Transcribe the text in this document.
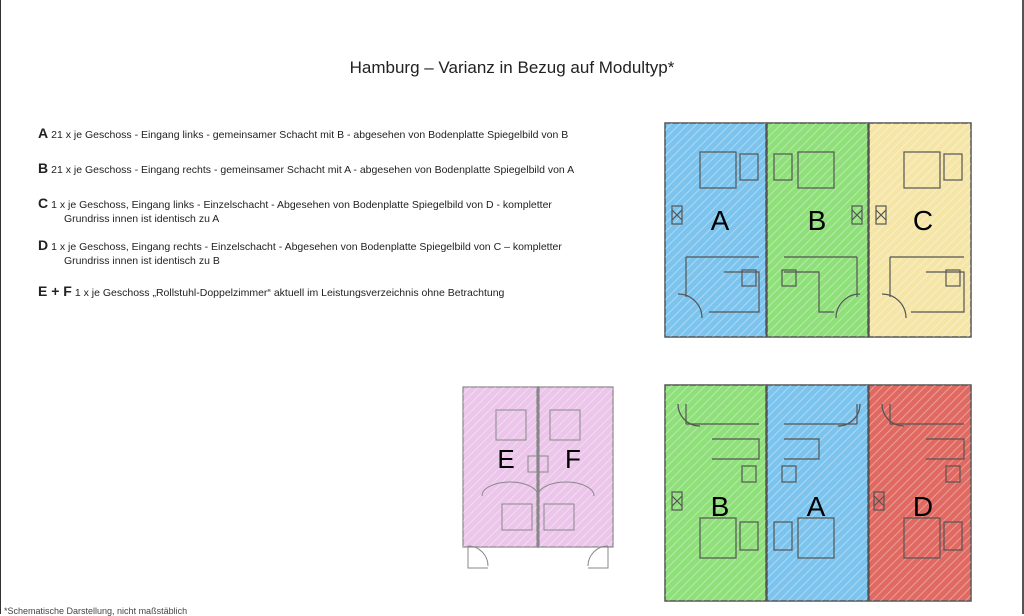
Hamburg – Varianz in Bezug auf Modultyp*
A 21 x je Geschoss - Eingang links - gemeinsamer Schacht mit B - abgesehen von Bodenplatte Spiegelbild von B
B 21 x je Geschoss - Eingang rechts - gemeinsamer Schacht mit A - abgesehen von Bodenplatte Spiegelbild von A
C 1 x je Geschoss, Eingang links - Einzelschacht - Abgesehen von Bodenplatte Spiegelbild von D - kompletter
Grundriss innen ist identisch zu A
D 1 x je Geschoss, Eingang rechts - Einzelschacht - Abgesehen von Bodenplatte Spiegelbild von C – kompletter
Grundriss innen ist identisch zu B
E + F 1 x je Geschoss „Rollstuhl-Doppelzimmer“ aktuell im Leistungsverzeichnis ohne Betrachtung
A	B	C
B	A	D
E F
*Schematische Darstellung, nicht maßstäblich
